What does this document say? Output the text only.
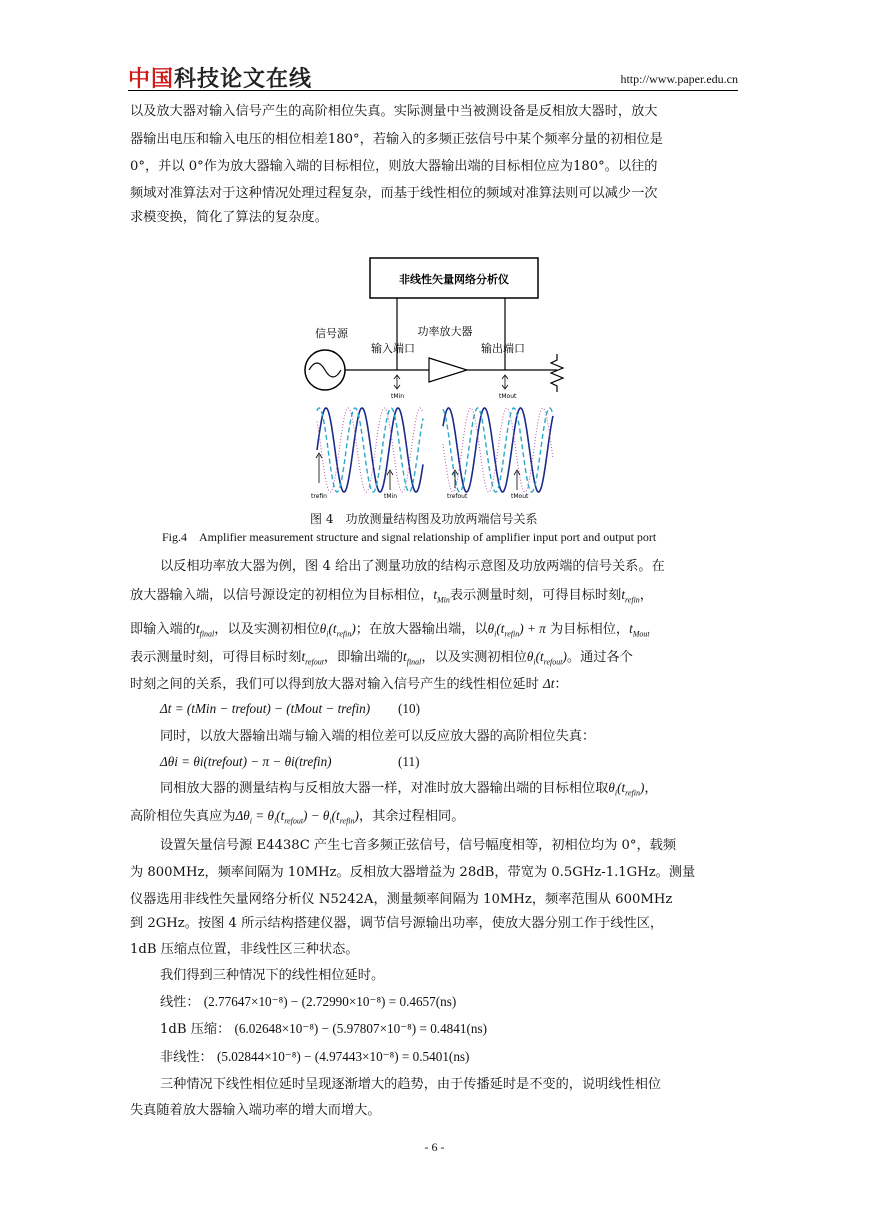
中国科技论文在线	http://www.paper.edu.cn
以及放大器对输入信号产生的高阶相位失真。实际测量中当被测设备是反相放大器时，放大
器输出电压和输入电压的相位相差180°，若输入的多频正弦信号中某个频率分量的初相位是
0°，并以 0°作为放大器输入端的目标相位，则放大器输出端的目标相位应为180°。以往的
频域对准算法对于这种情况处理过程复杂，而基于线性相位的频域对准算法则可以减少一次
求模变换，简化了算法的复杂度。
非线性矢量网络分析仪
信号源	功率放大器
输入端口	输出端口
tMin	tMout
trefin	tMin	trefout	tMout
图 4　功放测量结构图及功放两端信号关系
Fig.4　Amplifier measurement structure and signal relationship of amplifier input port and output port
以反相功率放大器为例，图 4 给出了测量功放的结构示意图及功放两端的信号关系。在
放大器输入端，以信号源设定的初相位为目标相位，$t_{Min}$表示测量时刻，可得目标时刻$t_{refin}$，
即输入端的$t_{final}$，以及实测初相位$\theta_i(t_{refin})$；在放大器输出端，以$\theta_i(t_{refin}) + \pi$ 为目标相位，$t_{Mout}$
表示测量时刻，可得目标时刻$t_{refout}$，即输出端的$t_{final}$，以及实测初相位$\theta_i(t_{refout})$。通过各个
时刻之间的关系，我们可以得到放大器对输入信号产生的线性相位延时 Δt：
Δt = (tMin − trefout) − (tMout − trefin) (10)
同时，以放大器输出端与输入端的相位差可以反应放大器的高阶相位失真：
Δθi = θi(trefout) − π − θi(trefin)	(11)
同相放大器的测量结构与反相放大器一样，对准时放大器输出端的目标相位取$\theta_i(t_{refin})$，
高阶相位失真应为$\Delta\theta_i = \theta_i(t_{refout}) - \theta_i(t_{refin})$，其余过程相同。
设置矢量信号源 E4438C 产生七音多频正弦信号，信号幅度相等，初相位均为 0°，载频
为 800MHz，频率间隔为 10MHz。反相放大器增益为 28dB，带宽为 0.5GHz-1.1GHz。测量
仪器选用非线性矢量网络分析仪 N5242A，测量频率间隔为 10MHz，频率范围从 600MHz
到 2GHz。按图 4 所示结构搭建仪器，调节信号源输出功率，使放大器分别工作于线性区，
1dB 压缩点位置，非线性区三种状态。
我们得到三种情况下的线性相位延时。
线性： (2.77647×10⁻⁸) − (2.72990×10⁻⁸) = 0.4657(ns)
1dB 压缩： (6.02648×10⁻⁸) − (5.97807×10⁻⁸) = 0.4841(ns)
非线性： (5.02844×10⁻⁸) − (4.97443×10⁻⁸) = 0.5401(ns)
三种情况下线性相位延时呈现逐渐增大的趋势，由于传播延时是不变的，说明线性相位
失真随着放大器输入端功率的增大而增大。
- 6 -
